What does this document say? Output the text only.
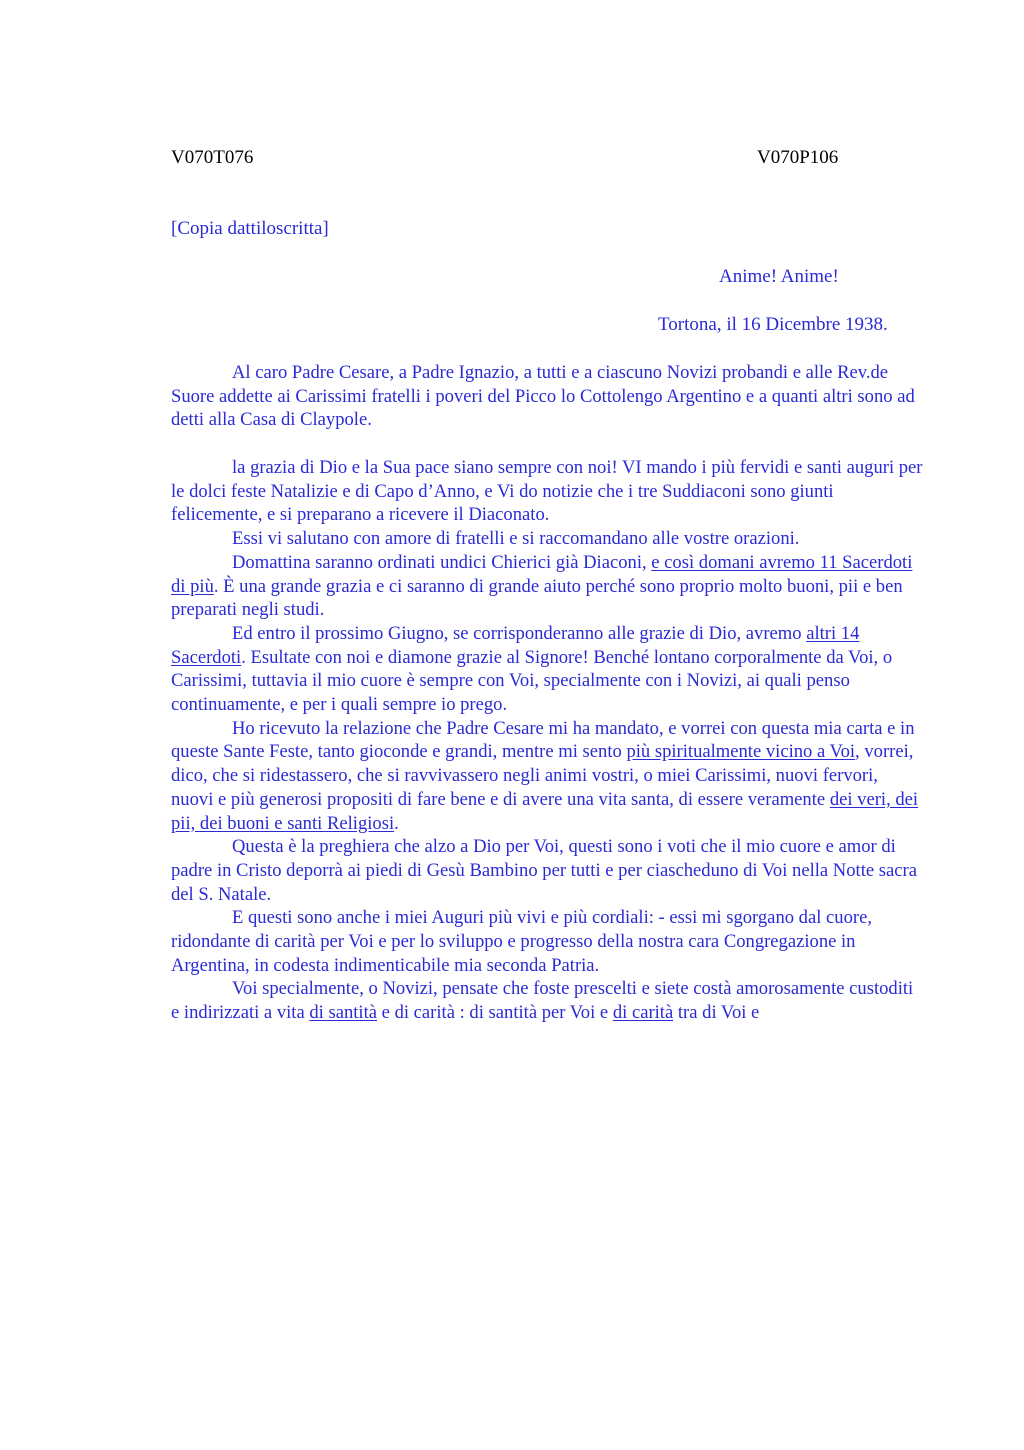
V070T076	V070P106

[Copia dattiloscritta]

Anime! Anime!

Tortona, il 16 Dicembre 1938.

Al caro Padre Cesare, a Padre Ignazio, a tutti e a ciascuno Novizi probandi e alle Rev.de Suore addette ai Carissimi fratelli i poveri del Picco lo Cottolengo Argentino e a quanti altri sono ad detti alla Casa di Claypole.

la grazia di Dio e la Sua pace siano sempre con noi! VI mando i più fervidi e santi auguri per le dolci feste Natalizie e di Capo d’Anno, e Vi do notizie che i tre Suddiaconi sono giunti felicemente, e si preparano a ricevere il Diaconato.

Essi vi salutano con amore di fratelli e si raccomandano alle vostre orazioni.

Domattina saranno ordinati undici Chierici già Diaconi, e così domani avremo 11 Sacerdoti di più. È una grande grazia e ci saranno di grande aiuto perché sono proprio molto buoni, pii e ben preparati negli studi.

Ed entro il prossimo Giugno, se corrisponderanno alle grazie di Dio, avremo altri 14 Sacerdoti. Esultate con noi e diamone grazie al Signore! Benché lontano corporalmente da Voi, o Carissimi, tuttavia il mio cuore è sempre con Voi, specialmente con i Novizi, ai quali penso continuamente, e per i quali sempre io prego.

Ho ricevuto la relazione che Padre Cesare mi ha mandato, e vorrei con questa mia carta e in queste Sante Feste, tanto gioconde e grandi, mentre mi sento più spiritualmente vicino a Voi, vorrei, dico, che si ridestassero, che si ravvivassero negli animi vostri, o miei Carissimi, nuovi fervori, nuovi e più generosi propositi di fare bene e di avere una vita santa, di essere veramente dei veri, dei pii, dei buoni e santi Religiosi.

Questa è la preghiera che alzo a Dio per Voi, questi sono i voti che il mio cuore e amor di padre in Cristo deporrà ai piedi di Gesù Bambino per tutti e per ciascheduno di Voi nella Notte sacra del S. Natale.

E questi sono anche i miei Auguri più vivi e più cordiali: - essi mi sgorgano dal cuore, ridondante di carità per Voi e per lo sviluppo e progresso della nostra cara Congregazione in Argentina, in codesta indimenticabile mia seconda Patria.

Voi specialmente, o Novizi, pensate che foste prescelti e siete costà amorosamente custoditi e indirizzati a vita di santità e di carità : di santità per Voi e di carità tra di Voi e
